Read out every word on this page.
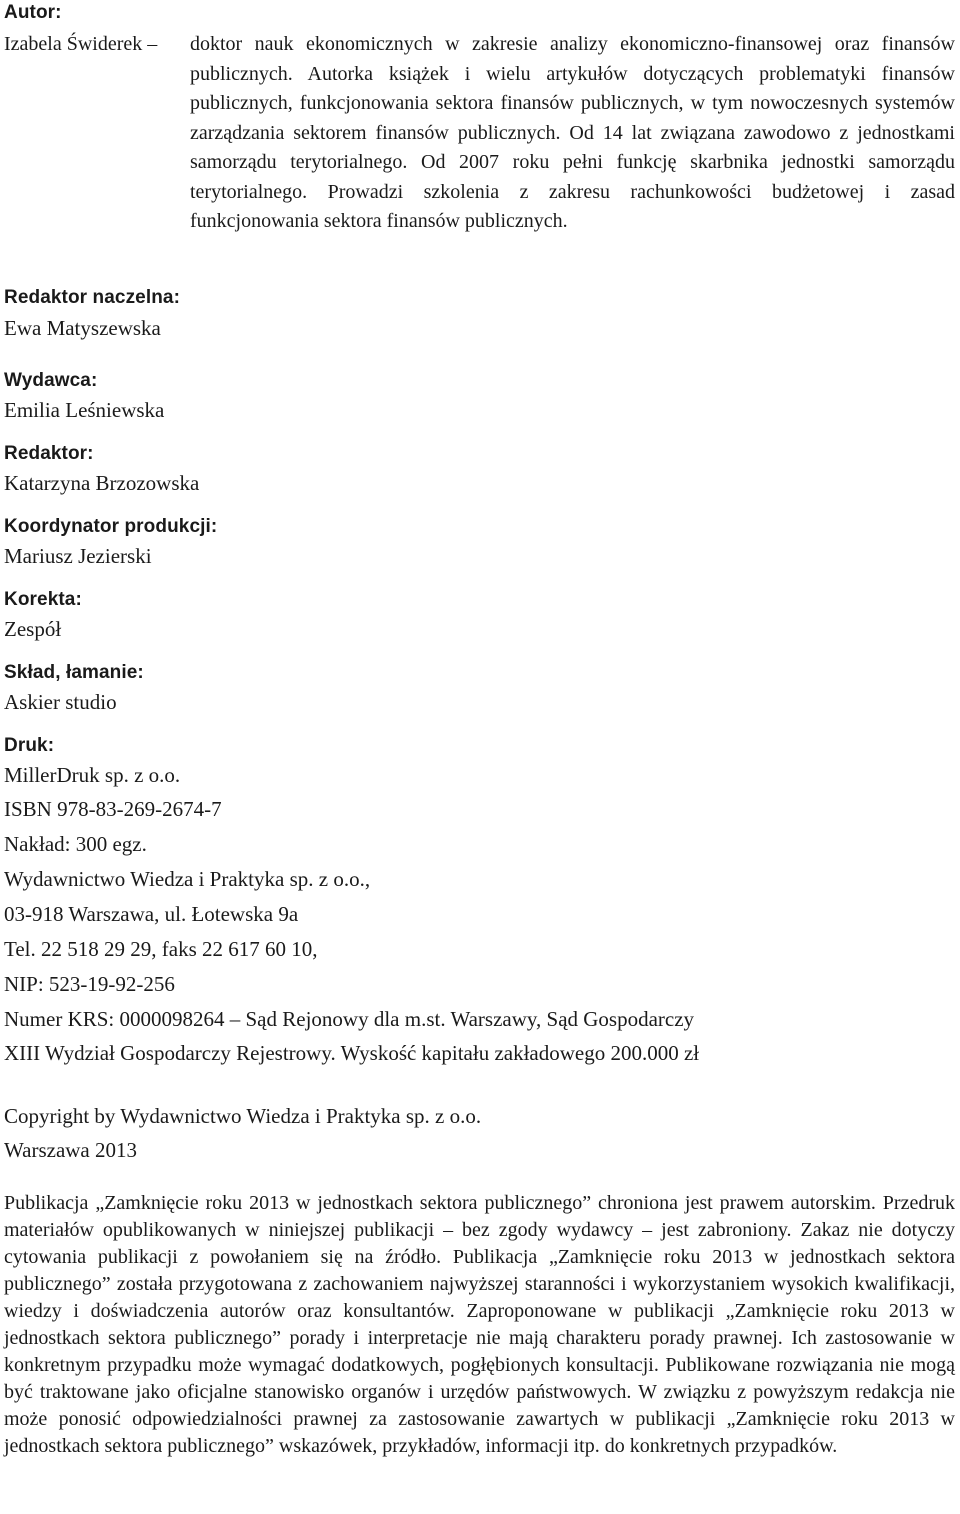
Autor:
Izabela Świderek – doktor nauk ekonomicznych w zakresie analizy ekonomiczno-finansowej oraz finansów publicznych. Autorka książek i wielu artykułów dotyczących problematyki finansów publicznych, funkcjonowania sektora finansów publicznych, w tym nowoczesnych systemów zarządzania sektorem finansów publicznych. Od 14 lat związana zawodowo z jednostkami samorządu terytorialnego. Od 2007 roku pełni funkcję skarbnika jednostki samorządu terytorialnego. Prowadzi szkolenia z zakresu rachunkowości budżetowej i zasad funkcjonowania sektora finansów publicznych.
Redaktor naczelna:
Ewa Matyszewska
Wydawca:
Emilia Leśniewska
Redaktor:
Katarzyna Brzozowska
Koordynator produkcji:
Mariusz Jezierski
Korekta:
Zespół
Skład, łamanie:
Askier studio
Druk:
MillerDruk sp. z o.o.
ISBN 978-83-269-2674-7
Nakład: 300 egz.
Wydawnictwo Wiedza i Praktyka sp. z o.o.,
03-918 Warszawa, ul. Łotewska 9a
Tel. 22 518 29 29, faks 22 617 60 10,
NIP: 523-19-92-256
Numer KRS: 0000098264 – Sąd Rejonowy dla m.st. Warszawy, Sąd Gospodarczy
XIII Wydział Gospodarczy Rejestrowy. Wyskość kapitału zakładowego 200.000 zł
Copyright by Wydawnictwo Wiedza i Praktyka sp. z o.o.
Warszawa 2013
Publikacja „Zamknięcie roku 2013 w jednostkach sektora publicznego” chroniona jest prawem autorskim. Przedruk materiałów opublikowanych w niniejszej publikacji – bez zgody wydawcy – jest zabroniony. Zakaz nie dotyczy cytowania publikacji z powołaniem się na źródło. Publikacja „Zamknięcie roku 2013 w jednostkach sektora publicznego” została przygotowana z zachowaniem najwyższej staranności i wykorzystaniem wysokich kwalifikacji, wiedzy i doświadczenia autorów oraz konsultantów. Zaproponowane w publikacji „Zamknięcie roku 2013 w jednostkach sektora publicznego” porady i interpretacje nie mają charakteru porady prawnej. Ich zastosowanie w konkretnym przypadku może wymagać dodatkowych, pogłębionych konsultacji. Publikowane rozwiązania nie mogą być traktowane jako oficjalne stanowisko organów i urzędów państwowych. W związku z powyższym redakcja nie może ponosić odpowiedzialności prawnej za zastosowanie zawartych w publikacji „Zamknięcie roku 2013 w jednostkach sektora publicznego” wskazówek, przykładów, informacji itp. do konkretnych przypadków.
